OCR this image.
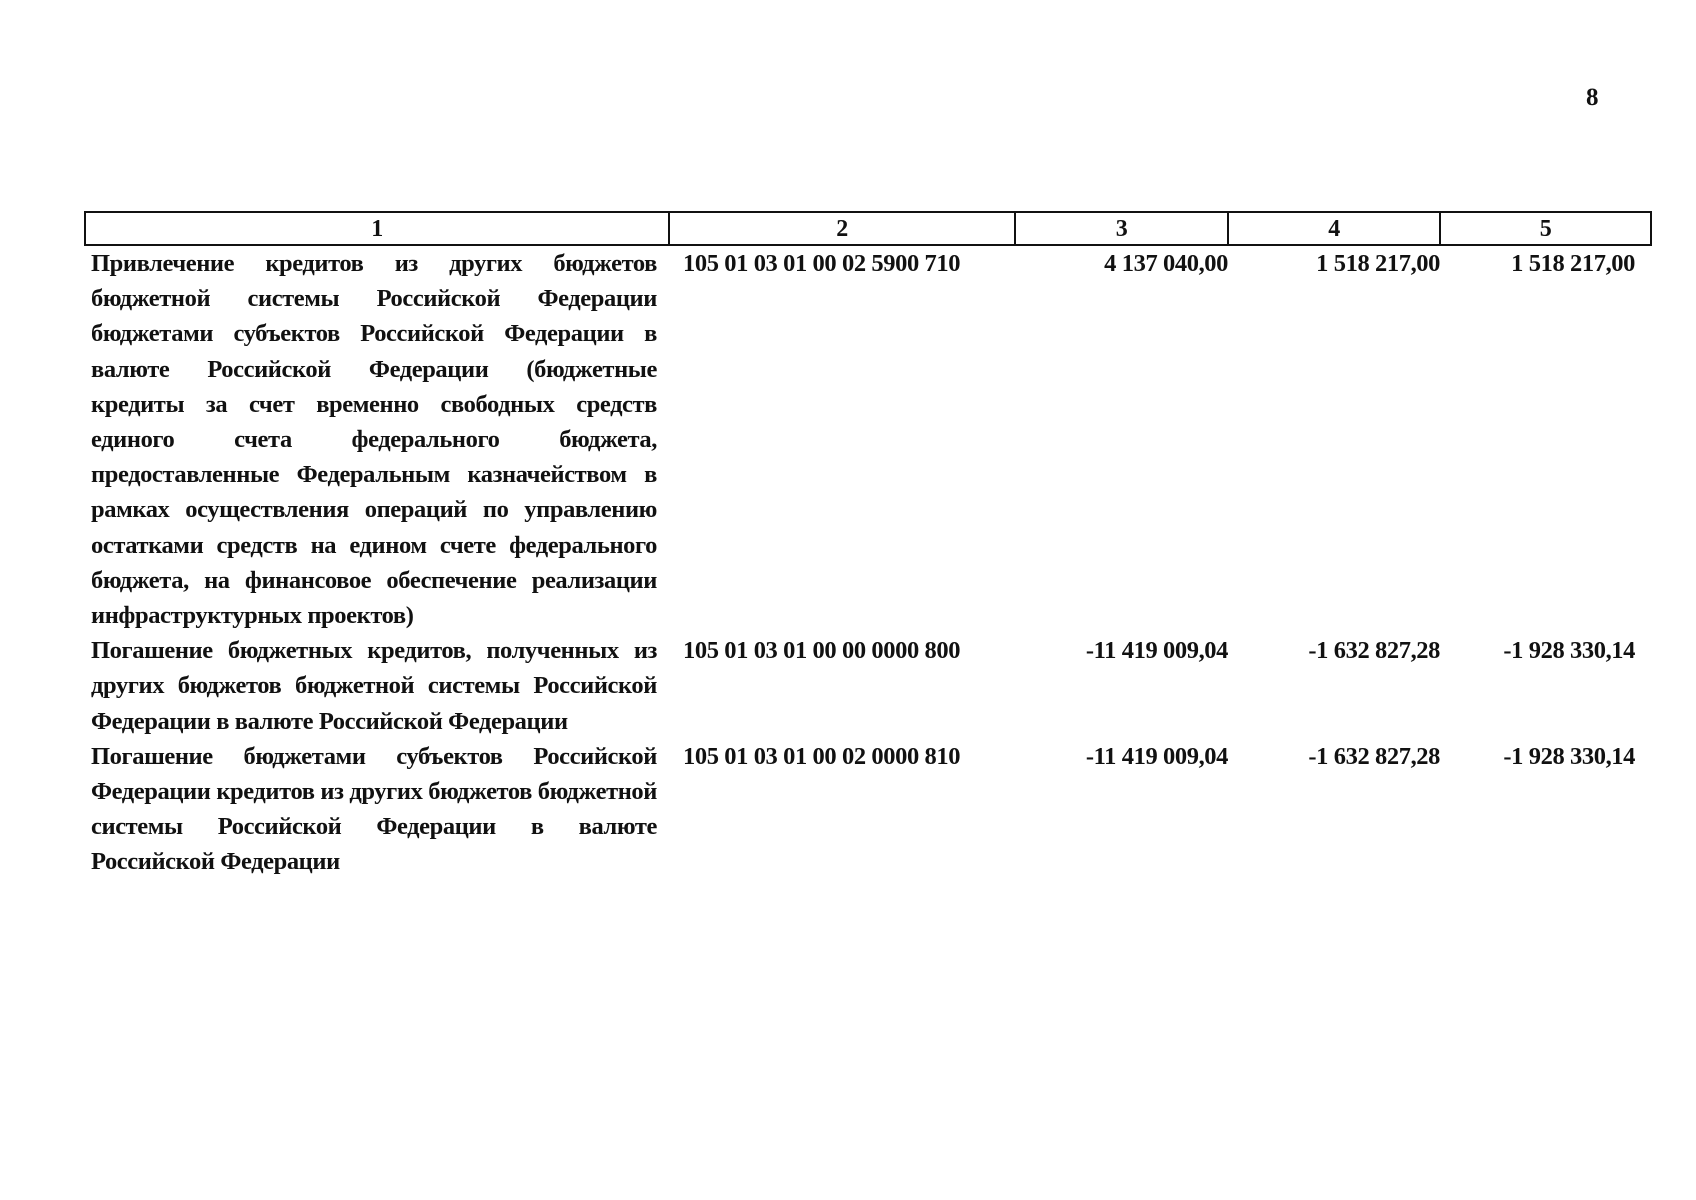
8
1	2	3	4	5
Привлечение кредитов из других бюджетов бюджетной системы Российской Федерации бюджетами субъектов Российской Федерации в валюте Российской Федерации (бюджетные кредиты за счет временно свободных средств единого счета федерального бюджета, предоставленные Федеральным казначейством в рамках осуществления операций по управлению остатками средств на едином счете федерального бюджета, на финансовое обеспечение реализации инфраструктурных проектов)	105 01 03 01 00 02 5900 710	4 137 040,00	1 518 217,00	1 518 217,00
Погашение бюджетных кредитов, полученных из других бюджетов бюджетной системы Российской Федерации в валюте Российской Федерации	105 01 03 01 00 00 0000 800	-11 419 009,04	-1 632 827,28	-1 928 330,14
Погашение бюджетами субъектов Российской Федерации кредитов из других бюджетов бюджетной системы Российской Федерации в валюте Российской Федерации	105 01 03 01 00 02 0000 810	-11 419 009,04	-1 632 827,28	-1 928 330,14
